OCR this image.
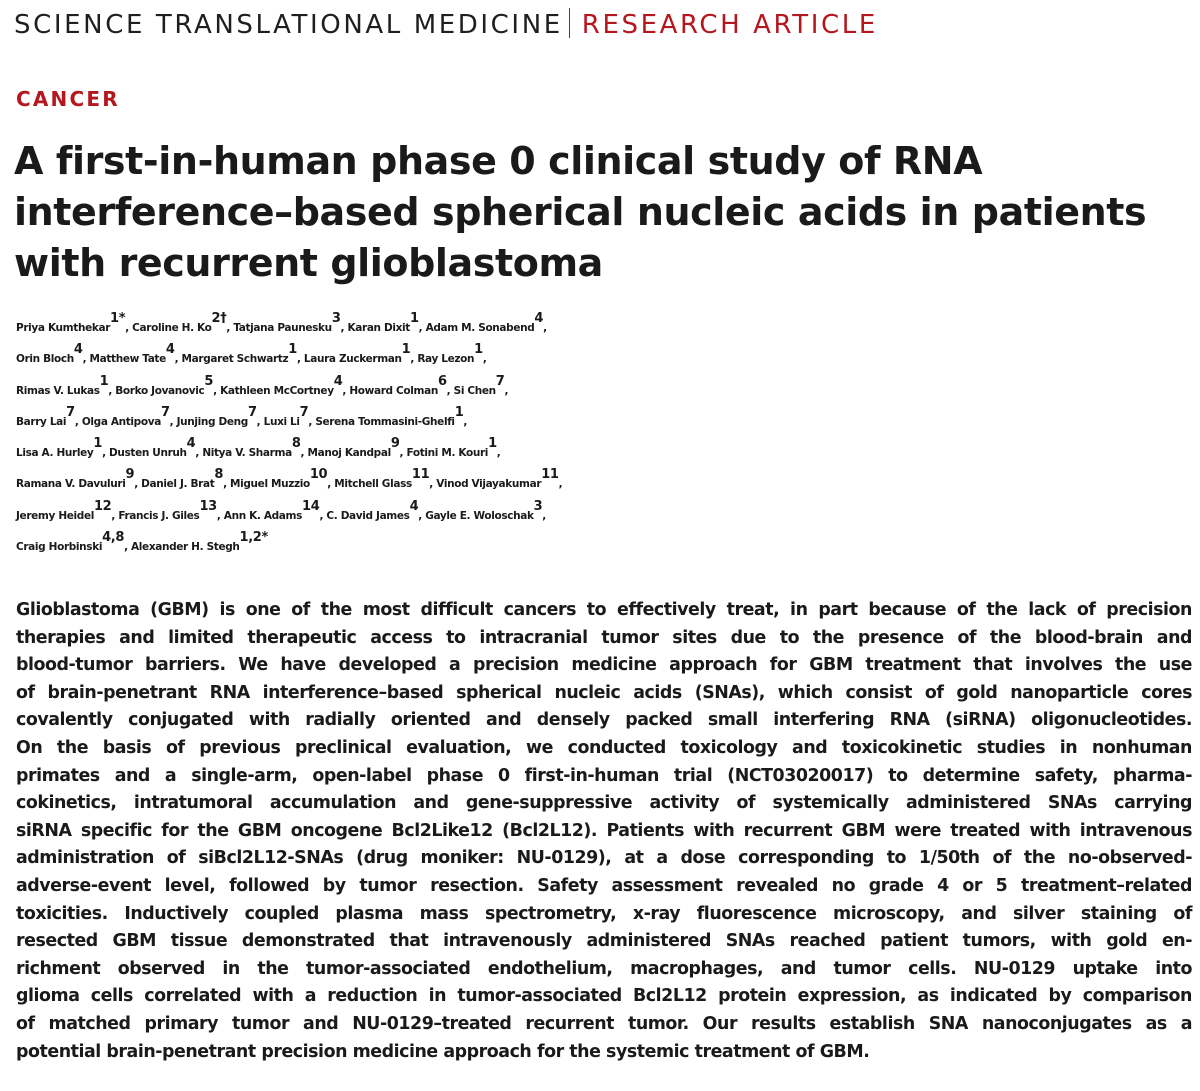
SCIENCE TRANSLATIONAL MEDICINE RESEARCH ARTICLE
CANCER
A first-in-human phase 0 clinical study of RNA interference–based spherical nucleic acids in patients with recurrent glioblastoma
Priya Kumthekar$^{1*}$, Caroline H. $Ko^{2\dagger}$, Tatjana Paunesku$^3$, Karan Dixit$^1$, Adam M. Sonabend$^4$,
Orin Bloch$^4$, Matthew Tate$^4$, Margaret Schwartz$^1$, Laura Zuckerman$^1$, Ray Lezon$^1$,
Rimas V. Lukas$^1$, Borko Jovanovic$^5$, Kathleen McCortney$^4$, Howard Colman$^6$, Si Chen$^7$,
Barry Lai$^7$, Olga Antipova$^7$, Junjing Deng$^7$, Luxi Li$^7$, Serena Tommasini-Ghelfi$^1$,
Lisa A. Hurley$^1$, Dusten Unruh$^4$, Nitya V. Sharma$^8$, Manoj Kandpal$^9$, Fotini M. Kouri$^1$,
Ramana V. Davuluri$^9$, Daniel J. Brat$^8$, Miguel Muzzio$^{10}$, Mitchell Glass$^{11}$, Vinod Vijayakumar$^{11}$,
Jeremy Heidel$^{12}$, Francis J. Giles$^{13}$, Ann K. Adams$^{14}$, C. David James$^4$, Gayle E. Woloschak$^3$,
Craig Horbinski$^{4,8}$, Alexander H. Stegh$^{1,2*}$
Glioblastoma (GBM) is one of the most difficult cancers to effectively treat, in part because of the lack of precision
therapies and limited therapeutic access to intracranial tumor sites due to the presence of the blood-brain and
blood-tumor barriers. We have developed a precision medicine approach for GBM treatment that involves the use
of brain-penetrant RNA interference–based spherical nucleic acids (SNAs), which consist of gold nanoparticle cores
covalently conjugated with radially oriented and densely packed small interfering RNA (siRNA) oligonucleotides.
On the basis of previous preclinical evaluation, we conducted toxicology and toxicokinetic studies in nonhuman
primates and a single-arm, open-label phase 0 first-in-human trial (NCT03020017) to determine safety, pharma-
cokinetics, intratumoral accumulation and gene-suppressive activity of systemically administered SNAs carrying
siRNA specific for the GBM oncogene Bcl2Like12 (Bcl2L12). Patients with recurrent GBM were treated with intravenous
administration of siBcl2L12-SNAs (drug moniker: NU-0129), at a dose corresponding to 1/50th of the no-observed-
adverse-event level, followed by tumor resection. Safety assessment revealed no grade 4 or 5 treatment–related
toxicities. Inductively coupled plasma mass spectrometry, x-ray fluorescence microscopy, and silver staining of
resected GBM tissue demonstrated that intravenously administered SNAs reached patient tumors, with gold en-
richment observed in the tumor-associated endothelium, macrophages, and tumor cells. NU-0129 uptake into
glioma cells correlated with a reduction in tumor-associated Bcl2L12 protein expression, as indicated by comparison
of matched primary tumor and NU-0129–treated recurrent tumor. Our results establish SNA nanoconjugates as a
potential brain-penetrant precision medicine approach for the systemic treatment of GBM.
